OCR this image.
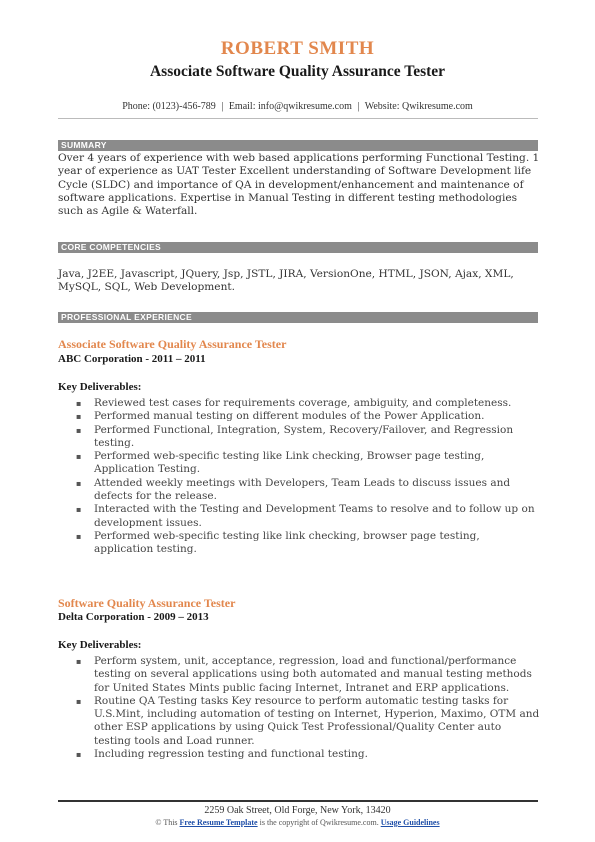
ROBERT SMITH
Associate Software Quality Assurance Tester
Phone: (0123)-456-789 | Email: info@qwikresume.com | Website: Qwikresume.com
SUMMARY
Over 4 years of experience with web based applications performing Functional Testing. 1 year of experience as UAT Tester Excellent understanding of Software Development life Cycle (SLDC) and importance of QA in development/enhancement and maintenance of software applications. Expertise in Manual Testing in different testing methodologies such as Agile & Waterfall.
CORE COMPETENCIES
Java, J2EE, Javascript, JQuery, Jsp, JSTL, JIRA, VersionOne, HTML, JSON, Ajax, XML, MySQL, SQL, Web Development.
PROFESSIONAL EXPERIENCE
Associate Software Quality Assurance Tester
ABC Corporation - 2011 – 2011
Key Deliverables:
▪ Reviewed test cases for requirements coverage, ambiguity, and completeness.
▪ Performed manual testing on different modules of the Power Application.
▪ Performed Functional, Integration, System, Recovery/Failover, and Regression testing.
▪ Performed web-specific testing like Link checking, Browser page testing, Application Testing.
▪ Attended weekly meetings with Developers, Team Leads to discuss issues and defects for the release.
▪ Interacted with the Testing and Development Teams to resolve and to follow up on development issues.
▪ Performed web-specific testing like link checking, browser page testing, application testing.
Software Quality Assurance Tester
Delta Corporation - 2009 – 2013
Key Deliverables:
▪ Perform system, unit, acceptance, regression, load and functional/performance testing on several applications using both automated and manual testing methods for United States Mints public facing Internet, Intranet and ERP applications.
▪ Routine QA Testing tasks Key resource to perform automatic testing tasks for U.S.Mint, including automation of testing on Internet, Hyperion, Maximo, OTM and other ESP applications by using Quick Test Professional/Quality Center auto testing tools and Load runner.
▪ Including regression testing and functional testing.
2259 Oak Street, Old Forge, New York, 13420
© This Free Resume Template is the copyright of Qwikresume.com. Usage Guidelines
